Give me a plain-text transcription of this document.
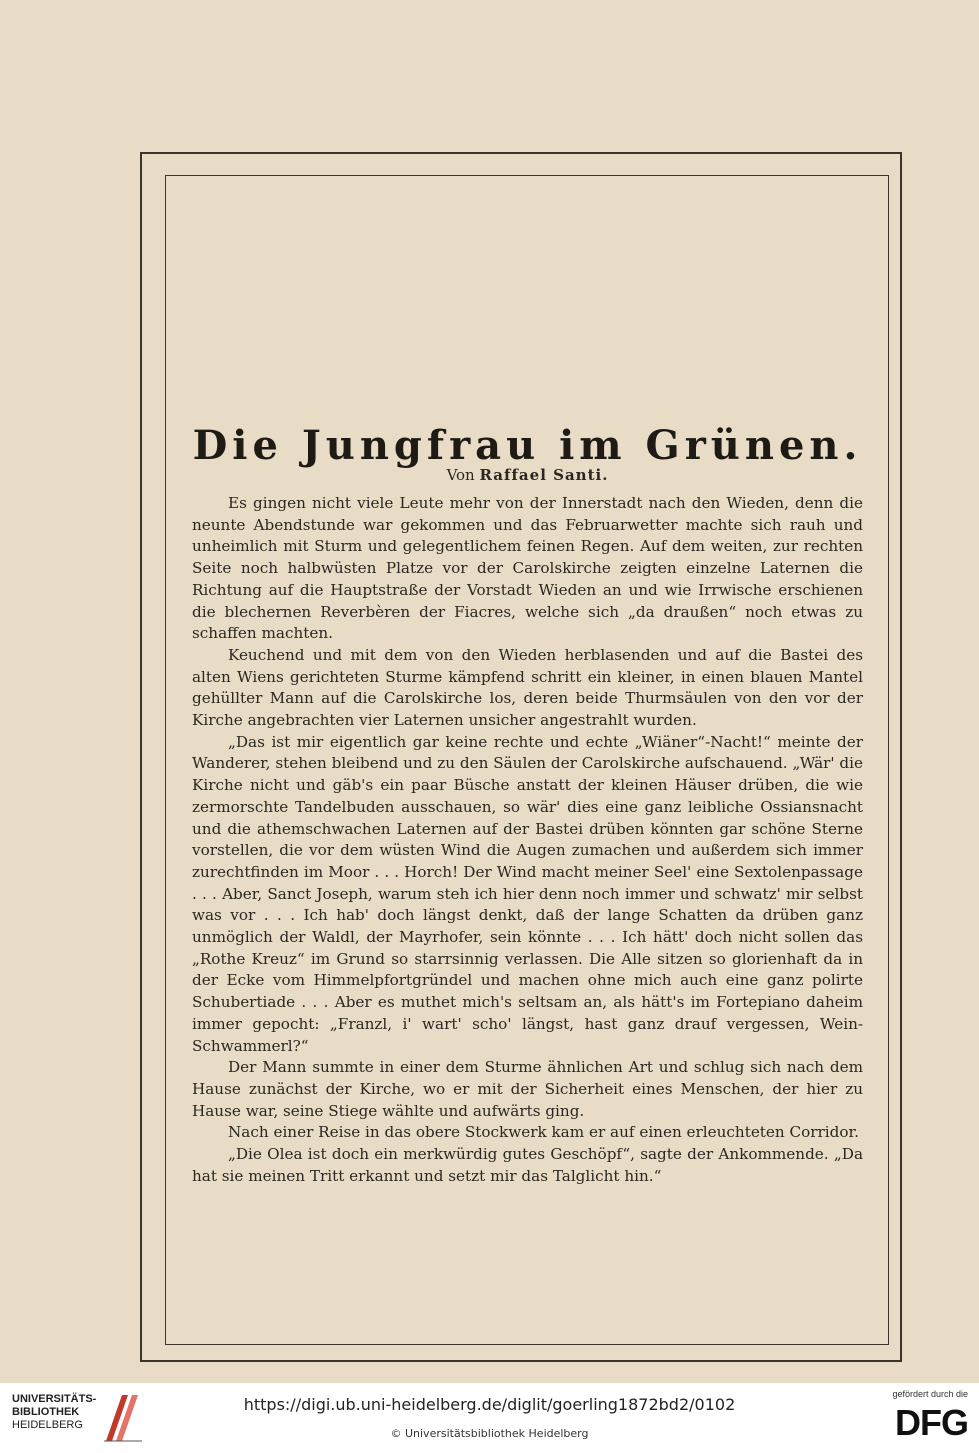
Die Jungfrau im Grünen.
Von Raffael Santi.

Es gingen nicht viele Leute mehr von der Innerstadt nach den Wieden, denn die neunte Abendstunde war gekommen und das Februarwetter machte sich rauh und unheimlich mit Sturm und gelegentlichem feinen Regen. Auf dem weiten, zur rechten Seite noch halbwüsten Platze vor der Carolskirche zeigten einzelne Laternen die Richtung auf die Hauptstraße der Vorstadt Wieden an und wie Irrwische erschienen die blechernen Reverbèren der Fiacres, welche sich „da draußen“ noch etwas zu schaffen machten.

Keuchend und mit dem von den Wieden herblasenden und auf die Bastei des alten Wiens gerichteten Sturme kämpfend schritt ein kleiner, in einen blauen Mantel gehüllter Mann auf die Carolskirche los, deren beide Thurmsäulen von den vor der Kirche angebrachten vier Laternen unsicher angestrahlt wurden.

„Das ist mir eigentlich gar keine rechte und echte „Wiäner“-Nacht!“ meinte der Wanderer, stehen bleibend und zu den Säulen der Carolskirche aufschauend. „Wär' die Kirche nicht und gäb's ein paar Büsche anstatt der kleinen Häuser drüben, die wie zermorschte Tandelbuden ausschauen, so wär' dies eine ganz leibliche Ossiansnacht und die athemschwachen Laternen auf der Bastei drüben könnten gar schöne Sterne vorstellen, die vor dem wüsten Wind die Augen zumachen und außerdem sich immer zurechtfinden im Moor . . . Horch! Der Wind macht meiner Seel' eine Sextolenpassage . . . Aber, Sanct Joseph, warum steh ich hier denn noch immer und schwatz' mir selbst was vor . . . Ich hab' doch längst denkt, daß der lange Schatten da drüben ganz unmöglich der Waldl, der Mayrhofer, sein könnte . . . Ich hätt' doch nicht sollen das „Rothe Kreuz“ im Grund so starrsinnig verlassen. Die Alle sitzen so glorienhaft da in der Ecke vom Himmelpfortgründel und machen ohne mich auch eine ganz polirte Schubertiade . . . Aber es muthet mich's seltsam an, als hätt's im Fortepiano daheim immer gepocht: „Franzl, i' wart' scho' längst, hast ganz drauf vergessen, Wein-Schwammerl?“

Der Mann summte in einer dem Sturme ähnlichen Art und schlug sich nach dem Hause zunächst der Kirche, wo er mit der Sicherheit eines Menschen, der hier zu Hause war, seine Stiege wählte und aufwärts ging.

Nach einer Reise in das obere Stockwerk kam er auf einen erleuchteten Corridor.

„Die Olea ist doch ein merkwürdig gutes Geschöpf“, sagte der Ankommende. „Da hat sie meinen Tritt erkannt und setzt mir das Talglicht hin.“

UNIVERSITÄTS-
BIBLIOTHEK
HEIDELBERG
https://digi.ub.uni-heidelberg.de/diglit/goerling1872bd2/0102
© Universitätsbibliothek Heidelberg
gefördert durch die
DFG
